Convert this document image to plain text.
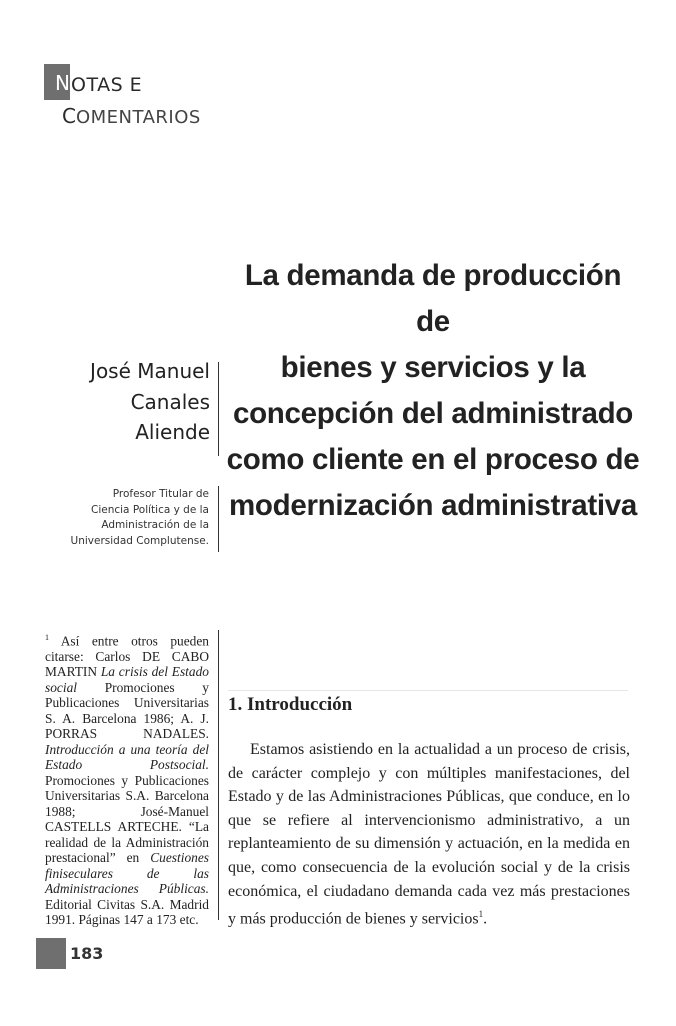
N OTAS E
C OMENTARIOS
José Manuel
Canales
Aliende
Profesor Titular de
Ciencia Política y de la
Administración de la
Universidad Complutense.
La demanda de producción de
bienes y servicios y la
concepción del administrado
como cliente en el proceso de
modernización administrativa
$^1$ Así entre otros pueden citarse: Carlos DE CABO MARTIN La crisis del Estado social Promociones y Publicaciones Universitarias S. A. Barcelona 1986; A. J. PORRAS NADALES. Introducción a una teoría del Estado Postsocial. Promociones y Publicaciones Universitarias S.A. Barcelona 1988; José-Manuel CASTELLS ARTECHE. “La realidad de la Administración prestacional” en Cuestiones finiseculares de las Administraciones Públicas. Editorial Civitas S.A. Madrid 1991. Páginas 147 a 173 etc.
1. Introducción
Estamos asistiendo en la actualidad a un proceso de crisis, de carácter complejo y con múltiples manifestaciones, del Estado y de las Administraciones Públicas, que conduce, en lo que se refiere al intervencionismo administrativo, a un replanteamiento de su dimensión y actuación, en la medida en que, como consecuencia de la evolución social y de la crisis económica, el ciudadano demanda cada vez más prestaciones y más producción de bienes y servicios$^1$.
183
